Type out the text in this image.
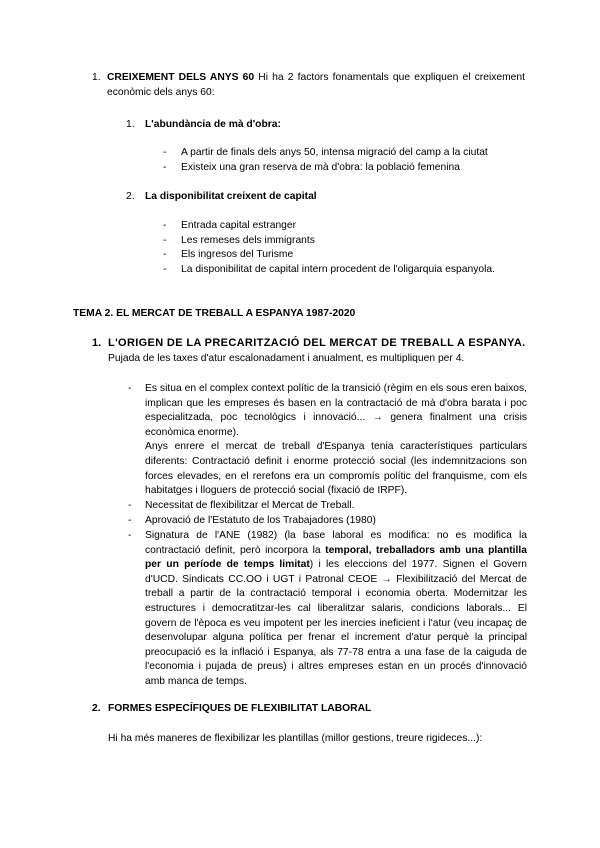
1. CREIXEMENT DELS ANYS 60 Hi ha 2 factors fonamentals que expliquen el creixement econòmic dels anys 60:

1. L'abundància de mà d'obra:
- A partir de finals dels anys 50, intensa migració del camp a la ciutat
- Existeix una gran reserva de mà d'obra: la població femenina
2. La disponibilitat creixent de capital
- Entrada capital estranger
- Les remeses dels immigrants
- Els ingresos del Turisme
- La disponibilitat de capital intern procedent de l'oligarquia espanyola.
TEMA 2. EL MERCAT DE TREBALL A ESPANYA 1987-2020
1. L'ORIGEN DE LA PRECARITZACIÓ DEL MERCAT DE TREBALL A ESPANYA.
Pujada de les taxes d'atur escalonadament i anualment, es multipliquen per 4.
- Es situa en el complex context polític de la transició (règim en els sous eren baixos, implican que les empreses és basen en la contractació de mà d'obra barata i poc especialitzada, poc tecnològics i innovació... → genera finalment una crisis econòmica enorme).

Anys enrere el mercat de treball d'Espanya tenia característiques particulars diferents: Contractació definit i enorme protecció social (les indemnitzacions son forces elevades, en el rerefons era un compromís polític del franquisme, com els habitatges i lloguers de protecció social (fixació de IRPF).

- Necessitat de flexibilitzar el Mercat de Treball.
- Aprovació de l'Estatuto de los Trabajadores (1980)
- Signatura de l'ANE (1982) (la base laboral es modifica: no es modifica la contractació definit, però incorpora la temporal, treballadors amb una plantilla per un període de temps limitat) i les eleccions del 1977. Signen el Govern d'UCD. Sindicats CC.OO i UGT i Patronal CEOE → Flexibilització del Mercat de treball a partir de la contractació temporal i economia oberta. Modernitzar les estructures i democratitzar-les cal liberalitzar salaris, condicions laborals... El govern de l'època es veu impotent per les inercies ineficient i l'atur (veu incapaç de desenvolupar alguna política per frenar el increment d'atur perquè la principal preocupació es la inflació i Espanya, als 77-78 entra a una fase de la caiguda de l'economia i pujada de preus) i altres empreses estan en un procés d'innovació amb manca de temps.

2. FORMES ESPECÍFIQUES DE FLEXIBILITAT LABORAL
Hi ha més maneres de flexibilizar les plantillas (millor gestions, treure rigideces...):
